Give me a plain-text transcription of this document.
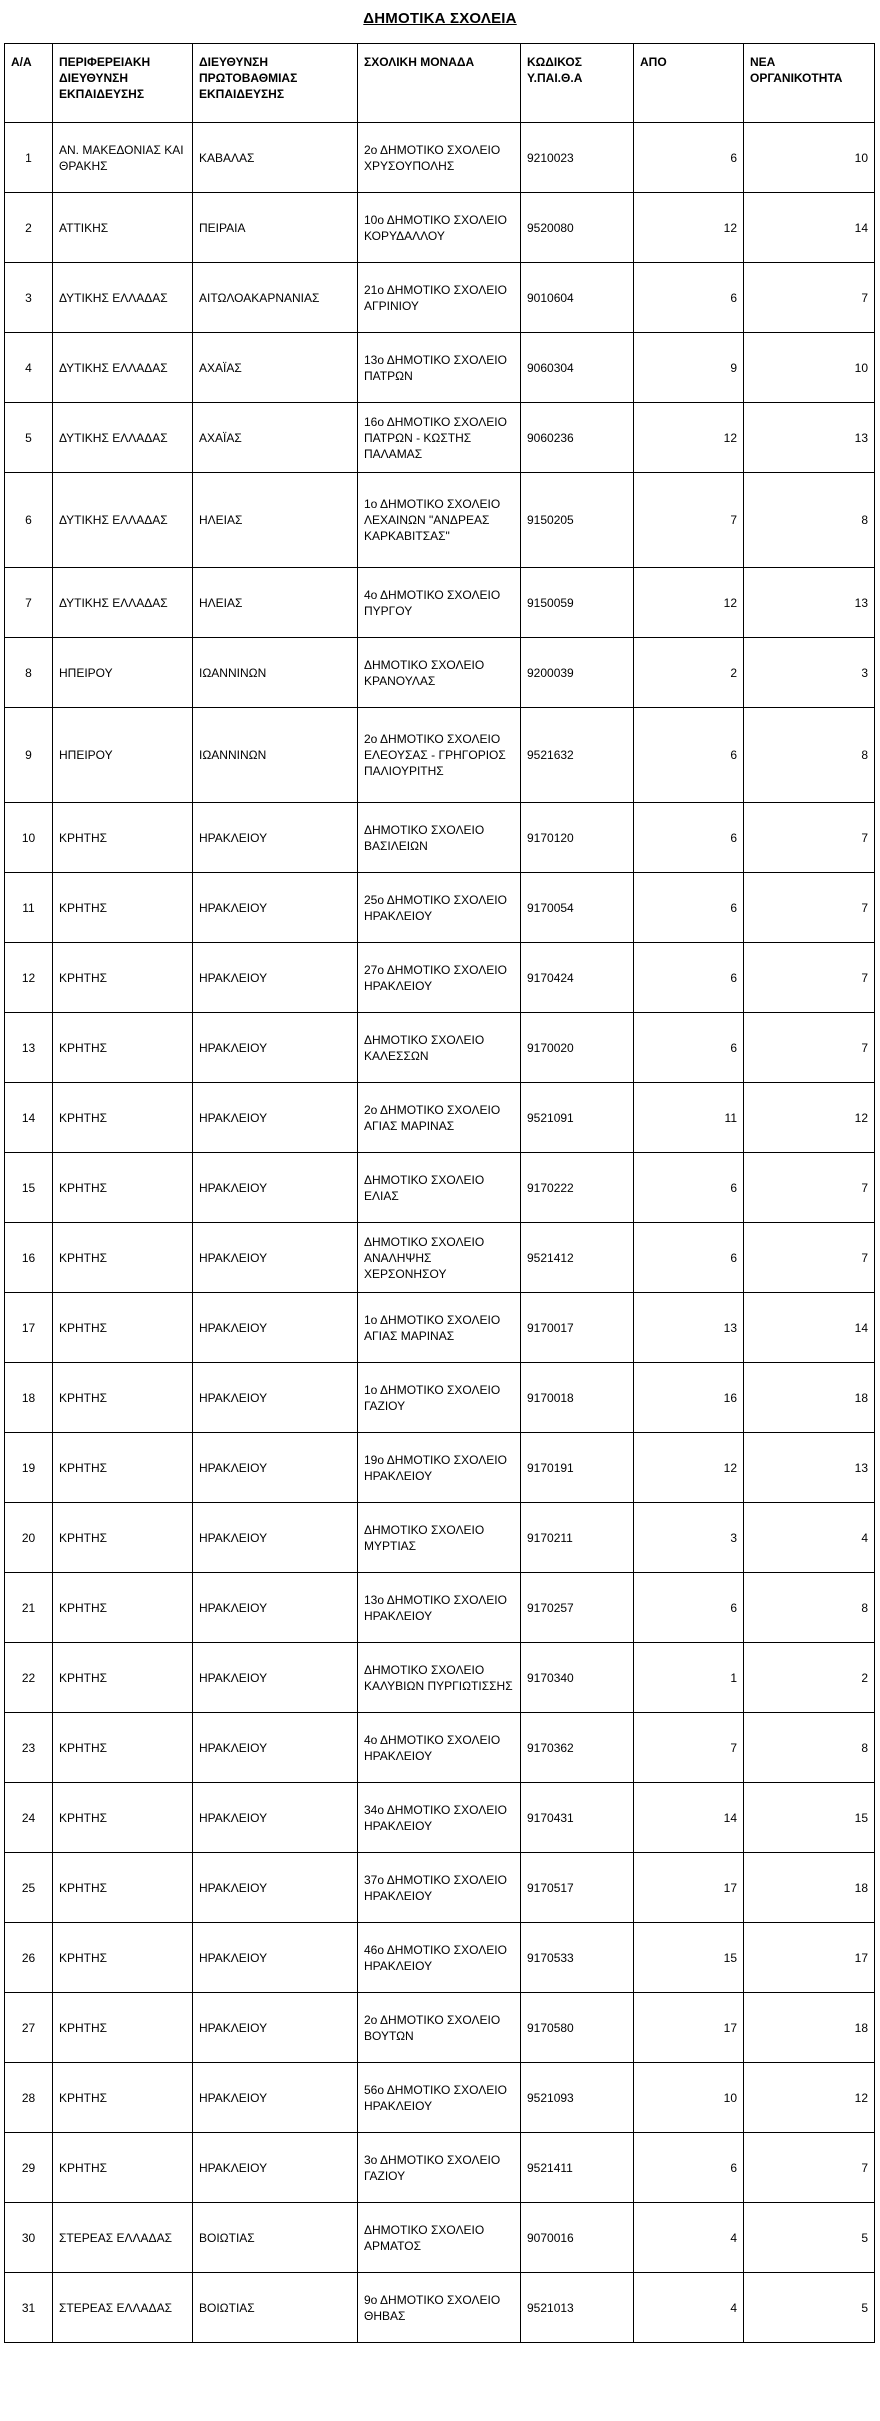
ΔΗΜΟΤΙΚΑ ΣΧΟΛΕΙΑ
Α/Α	ΠΕΡΙΦΕΡΕΙΑΚΗ ΔΙΕΥΘΥΝΣΗ ΕΚΠΑΙΔΕΥΣΗΣ	ΔΙΕΥΘΥΝΣΗ ΠΡΩΤΟΒΑΘΜΙΑΣ ΕΚΠΑΙΔΕΥΣΗΣ	ΣΧΟΛΙΚΗ ΜΟΝΑΔΑ	ΚΩΔΙΚΟΣ Υ.ΠΑΙ.Θ.Α	ΑΠΟ	ΝΕΑ ΟΡΓΑΝΙΚΟΤΗΤΑ
1	ΑΝ. ΜΑΚΕΔΟΝΙΑΣ ΚΑΙ ΘΡΑΚΗΣ	ΚΑΒΑΛΑΣ	2ο ΔΗΜΟΤΙΚΟ ΣΧΟΛΕΙΟ ΧΡΥΣΟΥΠΟΛΗΣ	9210023	6	10
2	ΑΤΤΙΚΗΣ	ΠΕΙΡΑΙΑ	10ο ΔΗΜΟΤΙΚΟ ΣΧΟΛΕΙΟ ΚΟΡΥΔΑΛΛΟΥ	9520080	12	14
3	ΔΥΤΙΚΗΣ ΕΛΛΑΔΑΣ	ΑΙΤΩΛΟΑΚΑΡΝΑΝΙΑΣ	21ο ΔΗΜΟΤΙΚΟ ΣΧΟΛΕΙΟ ΑΓΡΙΝΙΟΥ	9010604	6	7
4	ΔΥΤΙΚΗΣ ΕΛΛΑΔΑΣ	ΑΧΑΪΑΣ	13ο ΔΗΜΟΤΙΚΟ ΣΧΟΛΕΙΟ ΠΑΤΡΩΝ	9060304	9	10
5	ΔΥΤΙΚΗΣ ΕΛΛΑΔΑΣ	ΑΧΑΪΑΣ	16ο ΔΗΜΟΤΙΚΟ ΣΧΟΛΕΙΟ ΠΑΤΡΩΝ - ΚΩΣΤΗΣ ΠΑΛΑΜΑΣ	9060236	12	13
6	ΔΥΤΙΚΗΣ ΕΛΛΑΔΑΣ	ΗΛΕΙΑΣ	1ο ΔΗΜΟΤΙΚΟ ΣΧΟΛΕΙΟ ΛΕΧΑΙΝΩΝ "ΑΝΔΡΕΑΣ ΚΑΡΚΑΒΙΤΣΑΣ"	9150205	7	8
7	ΔΥΤΙΚΗΣ ΕΛΛΑΔΑΣ	ΗΛΕΙΑΣ	4ο ΔΗΜΟΤΙΚΟ ΣΧΟΛΕΙΟ ΠΥΡΓΟΥ	9150059	12	13
8	ΗΠΕΙΡΟΥ	ΙΩΑΝΝΙΝΩΝ	ΔΗΜΟΤΙΚΟ ΣΧΟΛΕΙΟ ΚΡΑΝΟΥΛΑΣ	9200039	2	3
9	ΗΠΕΙΡΟΥ	ΙΩΑΝΝΙΝΩΝ	2ο ΔΗΜΟΤΙΚΟ ΣΧΟΛΕΙΟ ΕΛΕΟΥΣΑΣ - ΓΡΗΓΟΡΙΟΣ ΠΑΛΙΟΥΡΙΤΗΣ	9521632	6	8
10	ΚΡΗΤΗΣ	ΗΡΑΚΛΕΙΟΥ	ΔΗΜΟΤΙΚΟ ΣΧΟΛΕΙΟ ΒΑΣΙΛΕΙΩΝ	9170120	6	7
11	ΚΡΗΤΗΣ	ΗΡΑΚΛΕΙΟΥ	25ο ΔΗΜΟΤΙΚΟ ΣΧΟΛΕΙΟ ΗΡΑΚΛΕΙΟΥ	9170054	6	7
12	ΚΡΗΤΗΣ	ΗΡΑΚΛΕΙΟΥ	27ο ΔΗΜΟΤΙΚΟ ΣΧΟΛΕΙΟ ΗΡΑΚΛΕΙΟΥ	9170424	6	7
13	ΚΡΗΤΗΣ	ΗΡΑΚΛΕΙΟΥ	ΔΗΜΟΤΙΚΟ ΣΧΟΛΕΙΟ ΚΑΛΕΣΣΩΝ	9170020	6	7
14	ΚΡΗΤΗΣ	ΗΡΑΚΛΕΙΟΥ	2ο ΔΗΜΟΤΙΚΟ ΣΧΟΛΕΙΟ ΑΓΙΑΣ ΜΑΡΙΝΑΣ	9521091	11	12
15	ΚΡΗΤΗΣ	ΗΡΑΚΛΕΙΟΥ	ΔΗΜΟΤΙΚΟ ΣΧΟΛΕΙΟ ΕΛΙΑΣ	9170222	6	7
16	ΚΡΗΤΗΣ	ΗΡΑΚΛΕΙΟΥ	ΔΗΜΟΤΙΚΟ ΣΧΟΛΕΙΟ ΑΝΑΛΗΨΗΣ ΧΕΡΣΟΝΗΣΟΥ	9521412	6	7
17	ΚΡΗΤΗΣ	ΗΡΑΚΛΕΙΟΥ	1ο ΔΗΜΟΤΙΚΟ ΣΧΟΛΕΙΟ ΑΓΙΑΣ ΜΑΡΙΝΑΣ	9170017	13	14
18	ΚΡΗΤΗΣ	ΗΡΑΚΛΕΙΟΥ	1ο ΔΗΜΟΤΙΚΟ ΣΧΟΛΕΙΟ ΓΑΖΙΟΥ	9170018	16	18
19	ΚΡΗΤΗΣ	ΗΡΑΚΛΕΙΟΥ	19ο ΔΗΜΟΤΙΚΟ ΣΧΟΛΕΙΟ ΗΡΑΚΛΕΙΟΥ	9170191	12	13
20	ΚΡΗΤΗΣ	ΗΡΑΚΛΕΙΟΥ	ΔΗΜΟΤΙΚΟ ΣΧΟΛΕΙΟ ΜΥΡΤΙΑΣ	9170211	3	4
21	ΚΡΗΤΗΣ	ΗΡΑΚΛΕΙΟΥ	13ο ΔΗΜΟΤΙΚΟ ΣΧΟΛΕΙΟ ΗΡΑΚΛΕΙΟΥ	9170257	6	8
22	ΚΡΗΤΗΣ	ΗΡΑΚΛΕΙΟΥ	ΔΗΜΟΤΙΚΟ ΣΧΟΛΕΙΟ ΚΑΛΥΒΙΩΝ ΠΥΡΓΙΩΤΙΣΣΗΣ	9170340	1	2
23	ΚΡΗΤΗΣ	ΗΡΑΚΛΕΙΟΥ	4ο ΔΗΜΟΤΙΚΟ ΣΧΟΛΕΙΟ ΗΡΑΚΛΕΙΟΥ	9170362	7	8
24	ΚΡΗΤΗΣ	ΗΡΑΚΛΕΙΟΥ	34ο ΔΗΜΟΤΙΚΟ ΣΧΟΛΕΙΟ ΗΡΑΚΛΕΙΟΥ	9170431	14	15
25	ΚΡΗΤΗΣ	ΗΡΑΚΛΕΙΟΥ	37ο ΔΗΜΟΤΙΚΟ ΣΧΟΛΕΙΟ ΗΡΑΚΛΕΙΟΥ	9170517	17	18
26	ΚΡΗΤΗΣ	ΗΡΑΚΛΕΙΟΥ	46ο ΔΗΜΟΤΙΚΟ ΣΧΟΛΕΙΟ ΗΡΑΚΛΕΙΟΥ	9170533	15	17
27	ΚΡΗΤΗΣ	ΗΡΑΚΛΕΙΟΥ	2ο ΔΗΜΟΤΙΚΟ ΣΧΟΛΕΙΟ ΒΟΥΤΩΝ	9170580	17	18
28	ΚΡΗΤΗΣ	ΗΡΑΚΛΕΙΟΥ	56ο ΔΗΜΟΤΙΚΟ ΣΧΟΛΕΙΟ ΗΡΑΚΛΕΙΟΥ	9521093	10	12
29	ΚΡΗΤΗΣ	ΗΡΑΚΛΕΙΟΥ	3ο ΔΗΜΟΤΙΚΟ ΣΧΟΛΕΙΟ ΓΑΖΙΟΥ	9521411	6	7
30	ΣΤΕΡΕΑΣ ΕΛΛΑΔΑΣ	ΒΟΙΩΤΙΑΣ	ΔΗΜΟΤΙΚΟ ΣΧΟΛΕΙΟ ΑΡΜΑΤΟΣ	9070016	4	5
31	ΣΤΕΡΕΑΣ ΕΛΛΑΔΑΣ	ΒΟΙΩΤΙΑΣ	9ο ΔΗΜΟΤΙΚΟ ΣΧΟΛΕΙΟ ΘΗΒΑΣ	9521013	4	5
